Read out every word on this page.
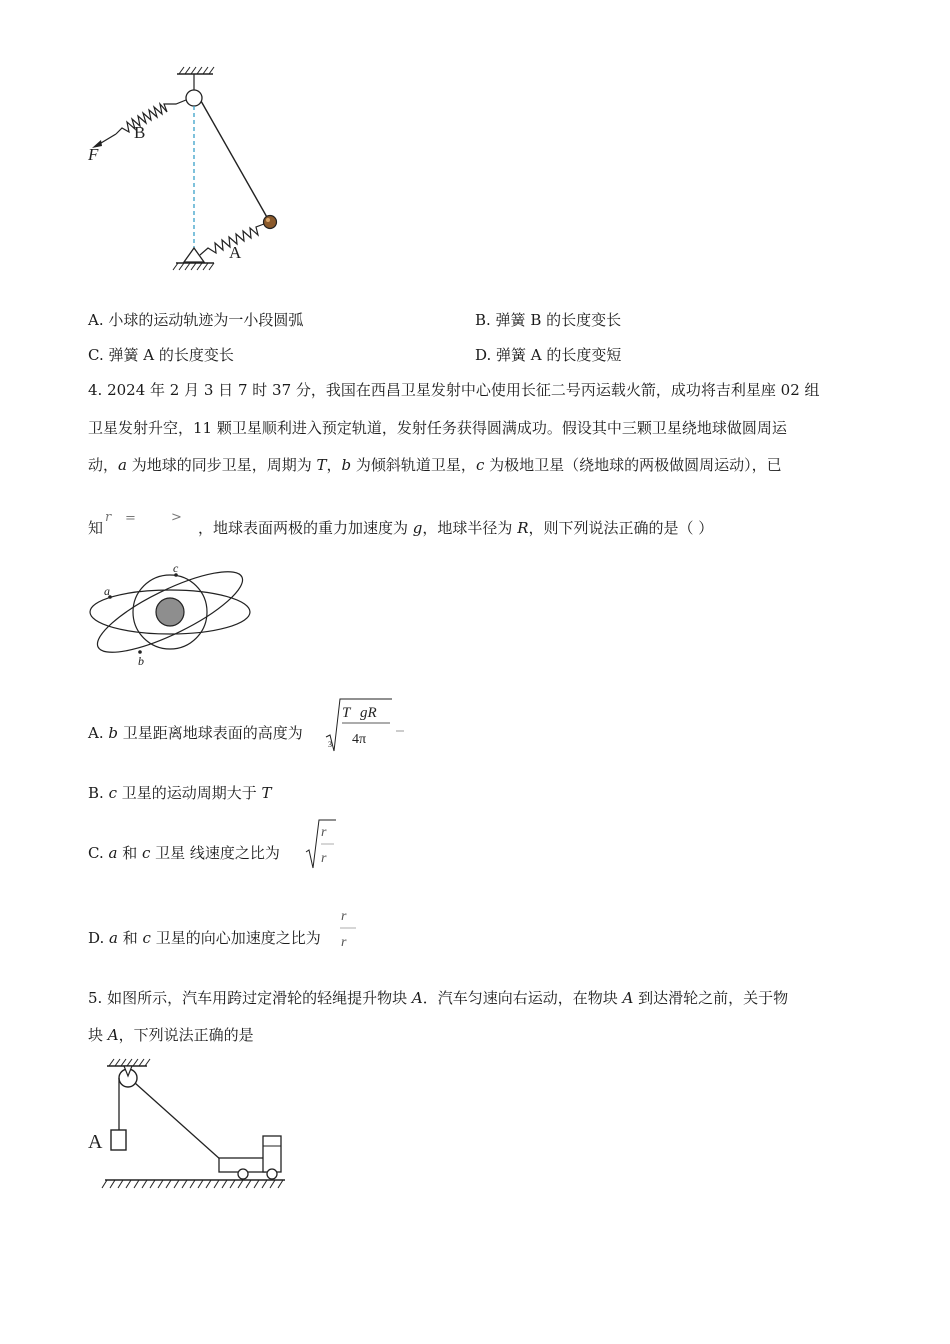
B
F
A
A. 小球的运动轨迹为一小段圆弧	B. 弹簧 B 的长度变长
C. 弹簧 A 的长度变长	D. 弹簧 A 的长度变短
4. 2024 年 2 月 3 日 7 时 37 分，我国在西昌卫星发射中心使用长征二号丙运载火箭，成功将吉利星座 02 组
卫星发射升空，11 颗卫星顺利进入预定轨道，发射任务获得圆满成功。假设其中三颗卫星绕地球做圆周运
动，a 为地球的同步卫星，周期为 T，b 为倾斜轨道卫星，c 为极地卫星（绕地球的两极做圆周运动），已
知
r =	>
，地球表面两极的重力加速度为 g，地球半径为 R，则下列说法正确的是（ ）
a
b
c
A. b 卫星距离地球表面的高度为
3
T gR
4π
B. c 卫星的运动周期大于 T
C. a 和 c 卫星 线速度之比为
r
r
D. a 和 c 卫星的向心加速度之比为
r
r
5. 如图所示，汽车用跨过定滑轮的轻绳提升物块 A．汽车匀速向右运动，在物块 A 到达滑轮之前，关于物
块 A，下列说法正确的是
A
